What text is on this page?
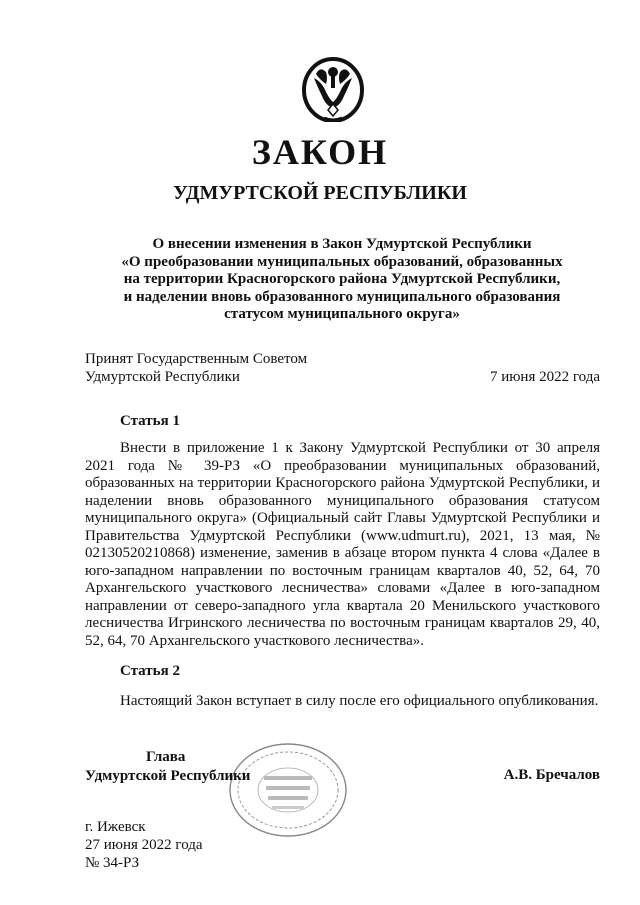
ЗАКОН
УДМУРТСКОЙ РЕСПУБЛИКИ
О внесении изменения в Закон Удмуртской Республики
«О преобразовании муниципальных образований, образованных
на территории Красногорского района Удмуртской Республики,
и наделении вновь образованного муниципального образования
статусом муниципального округа»
Принят Государственным Советом
Удмуртской Республики	7 июня 2022 года
Статья 1

Внести в приложение 1 к Закону Удмуртской Республики от 30 апреля 2021 года № 39-РЗ «О преобразовании муниципальных образований, образованных на территории Красногорского района Удмуртской Республики, и наделении вновь образованного муниципального образования статусом муниципального округа» (Официальный сайт Главы Удмуртской Республики и Правительства Удмуртской Республики (www.udmurt.ru), 2021, 13 мая, № 02130520210868) изменение, заменив в абзаце втором пункта 4 слова «Далее в юго-западном направлении по восточным границам кварталов 40, 52, 64, 70 Архангельского участкового лесничества» словами «Далее в юго-западном направлении от северо-западного угла квартала 20 Менильского участкового лесничества Игринского лесничества по восточным границам кварталов 29, 40, 52, 64, 70 Архангельского участкового лесничества».

Статья 2

Настоящий Закон вступает в силу после его официального опубликования.

Глава
Удмуртской Республики	А.В. Бречалов
г. Ижевск
27 июня 2022 года
№ 34-РЗ
